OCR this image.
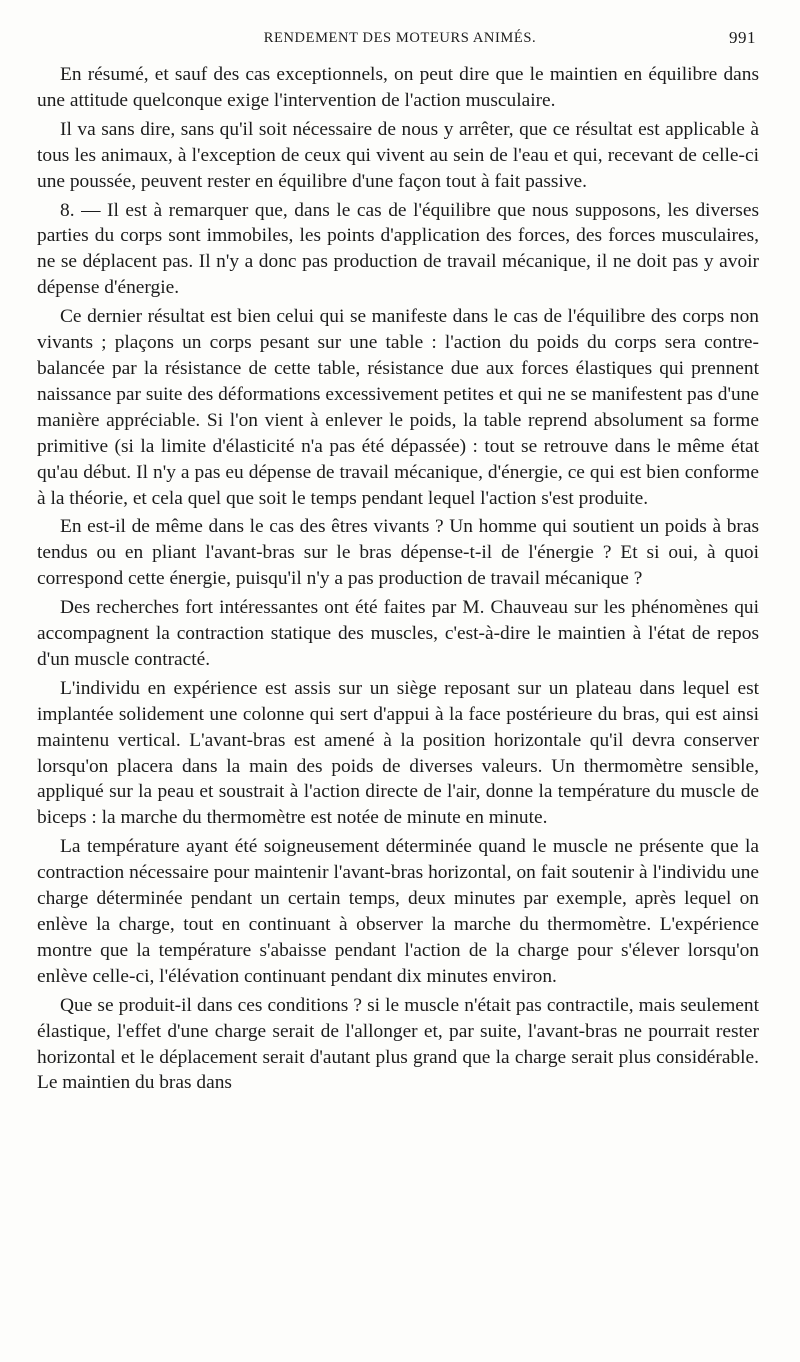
RENDEMENT DES MOTEURS ANIMÉS.	991

En résumé, et sauf des cas exceptionnels, on peut dire que le maintien en équilibre dans une attitude quelconque exige l'intervention de l'action musculaire.

Il va sans dire, sans qu'il soit nécessaire de nous y arrêter, que ce résultat est applicable à tous les animaux, à l'exception de ceux qui vivent au sein de l'eau et qui, recevant de celle-ci une poussée, peuvent rester en équilibre d'une façon tout à fait passive.

8. — Il est à remarquer que, dans le cas de l'équilibre que nous supposons, les diverses parties du corps sont immobiles, les points d'application des forces, des forces musculaires, ne se déplacent pas. Il n'y a donc pas production de travail mécanique, il ne doit pas y avoir dépense d'énergie.

Ce dernier résultat est bien celui qui se manifeste dans le cas de l'équilibre des corps non vivants ; plaçons un corps pesant sur une table : l'action du poids du corps sera contre-balancée par la résistance de cette table, résistance due aux forces élastiques qui prennent naissance par suite des déformations excessivement petites et qui ne se manifestent pas d'une manière appréciable. Si l'on vient à enlever le poids, la table reprend absolument sa forme primitive (si la limite d'élasticité n'a pas été dépassée) : tout se retrouve dans le même état qu'au début. Il n'y a pas eu dépense de travail mécanique, d'énergie, ce qui est bien conforme à la théorie, et cela quel que soit le temps pendant lequel l'action s'est produite.

En est-il de même dans le cas des êtres vivants ? Un homme qui soutient un poids à bras tendus ou en pliant l'avant-bras sur le bras dépense-t-il de l'énergie ? Et si oui, à quoi correspond cette énergie, puisqu'il n'y a pas production de travail mécanique ?

Des recherches fort intéressantes ont été faites par M. Chauveau sur les phénomènes qui accompagnent la contraction statique des muscles, c'est-à-dire le maintien à l'état de repos d'un muscle contracté.

L'individu en expérience est assis sur un siège reposant sur un plateau dans lequel est implantée solidement une colonne qui sert d'appui à la face postérieure du bras, qui est ainsi maintenu vertical. L'avant-bras est amené à la position horizontale qu'il devra conserver lorsqu'on placera dans la main des poids de diverses valeurs. Un thermomètre sensible, appliqué sur la peau et soustrait à l'action directe de l'air, donne la température du muscle de biceps : la marche du thermomètre est notée de minute en minute.

La température ayant été soigneusement déterminée quand le muscle ne présente que la contraction nécessaire pour maintenir l'avant-bras horizontal, on fait soutenir à l'individu une charge déterminée pendant un certain temps, deux minutes par exemple, après lequel on enlève la charge, tout en continuant à observer la marche du thermomètre. L'expérience montre que la température s'abaisse pendant l'action de la charge pour s'élever lorsqu'on enlève celle-ci, l'élévation continuant pendant dix minutes environ.

Que se produit-il dans ces conditions ? si le muscle n'était pas contractile, mais seulement élastique, l'effet d'une charge serait de l'allonger et, par suite, l'avant-bras ne pourrait rester horizontal et le déplacement serait d'autant plus grand que la charge serait plus considérable. Le maintien du bras dans
